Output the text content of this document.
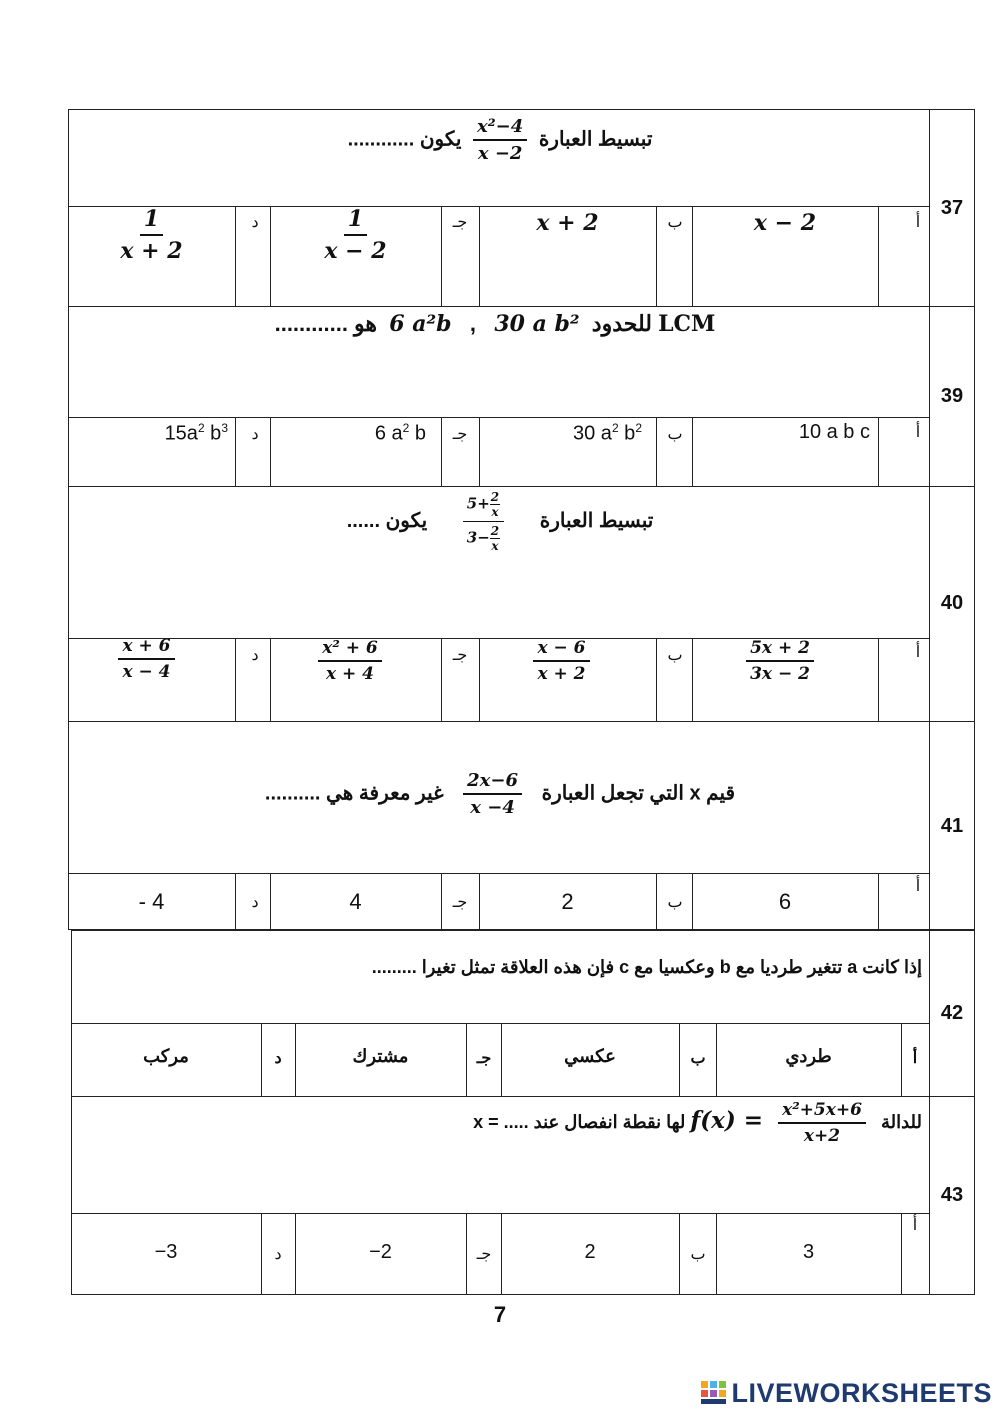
37
تبسيط العبارة
$\frac{\text{x²−4}}{x -2}$
يكون ............
أ
x − 2
ب
x + 2
جـ
$\frac{1}{x - 2}$
د
$\frac{1}{x + 2}$
39
LCM للحدود  6 a²b , 30 a b²  هو ............
أ
10 a b c
ب
30 $a^2$ $b^2$
جـ
6 $a^2$ b
د
$15a^2$ $b^3$
40
تبسيط العبارة
$\frac{5+ \frac{2}{x}}{3- \frac{2}{x}}$
يكون ......
أ
$\frac{5x + 2}{3x - 2}$
ب
$\frac{x - 6}{x + 2}$
جـ
$\frac{\text{x² + 6}}{x + 4}$
د
$\frac{x + 6}{x - 4}$
41
قيم x التي تجعل العبارة
$\frac{2x-6}{x -4}$
غير معرفة هي ..........
أ
6
ب
2
جـ
4
د
- 4
42
إذا كانت a تتغير طرديا مع b وعكسيا مع c فإن هذه العلاقة تمثل تغيرا .........
أ
طردي
ب
عكسي
جـ
مشترك
د
مركب
43
للدالة
$\frac{\text{x²+5x+6}}{x+2}$
f(x) = لها نقطة انفصال عند ..... = x
أ
3
ب
2
جـ
−2
د
−3
7
LIVEWORKSHEETS
